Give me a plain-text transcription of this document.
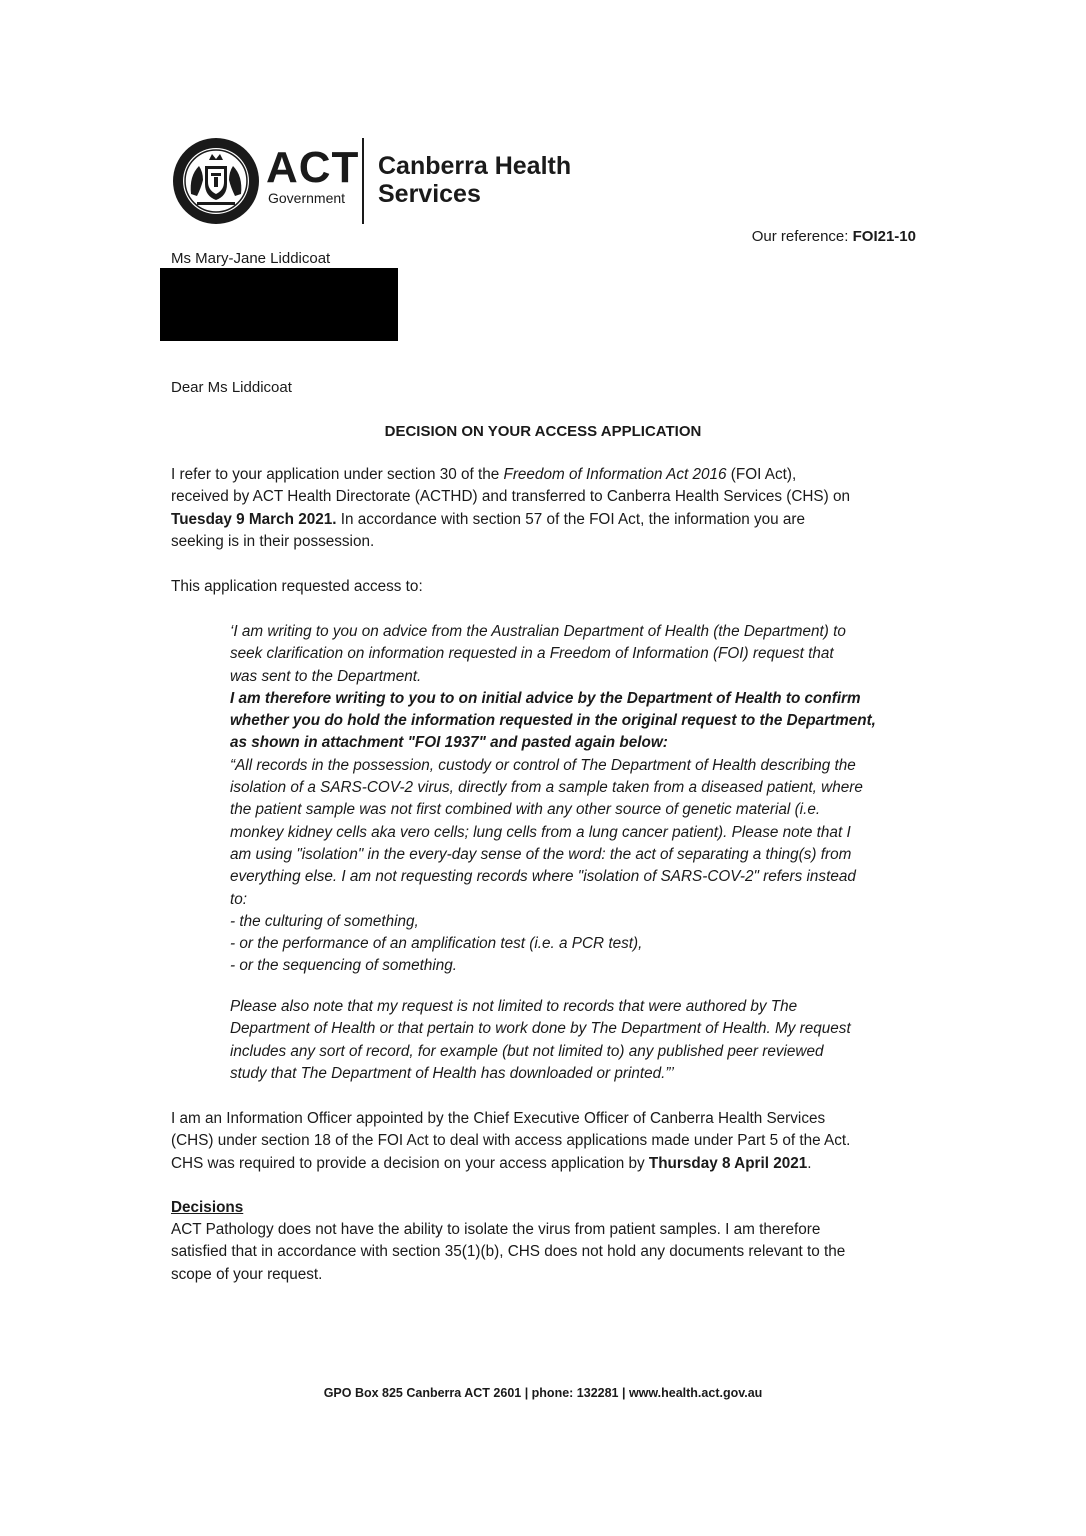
ACT
Government
Canberra Health
Services
Our reference: FOI21-10
Ms Mary-Jane Liddicoat
Dear Ms Liddicoat
DECISION ON YOUR ACCESS APPLICATION
I refer to your application under section 30 of the Freedom of Information Act 2016 (FOI Act),
received by ACT Health Directorate (ACTHD) and transferred to Canberra Health Services (CHS) on
Tuesday 9 March 2021. In accordance with section 57 of the FOI Act, the information you are
seeking is in their possession.
This application requested access to:
‘I am writing to you on advice from the Australian Department of Health (the Department) to
seek clarification on information requested in a Freedom of Information (FOI) request that
was sent to the Department.
I am therefore writing to you to on initial advice by the Department of Health to confirm
whether you do hold the information requested in the original request to the Department,
as shown in attachment "FOI 1937" and pasted again below:
“All records in the possession, custody or control of The Department of Health describing the
isolation of a SARS-COV-2 virus, directly from a sample taken from a diseased patient, where
the patient sample was not first combined with any other source of genetic material (i.e.
monkey kidney cells aka vero cells; lung cells from a lung cancer patient). Please note that I
am using "isolation" in the every-day sense of the word: the act of separating a thing(s) from
everything else. I am not requesting records where "isolation of SARS-COV-2" refers instead
to:
- the culturing of something,
- or the performance of an amplification test (i.e. a PCR test),
- or the sequencing of something.
Please also note that my request is not limited to records that were authored by The
Department of Health or that pertain to work done by The Department of Health. My request
includes any sort of record, for example (but not limited to) any published peer reviewed
study that The Department of Health has downloaded or printed.”’
I am an Information Officer appointed by the Chief Executive Officer of Canberra Health Services
(CHS) under section 18 of the FOI Act to deal with access applications made under Part 5 of the Act.
CHS was required to provide a decision on your access application by Thursday 8 April 2021.
Decisions
ACT Pathology does not have the ability to isolate the virus from patient samples. I am therefore
satisfied that in accordance with section 35(1)(b), CHS does not hold any documents relevant to the
scope of your request.
GPO Box 825 Canberra ACT 2601 | phone: 132281 | www.health.act.gov.au
